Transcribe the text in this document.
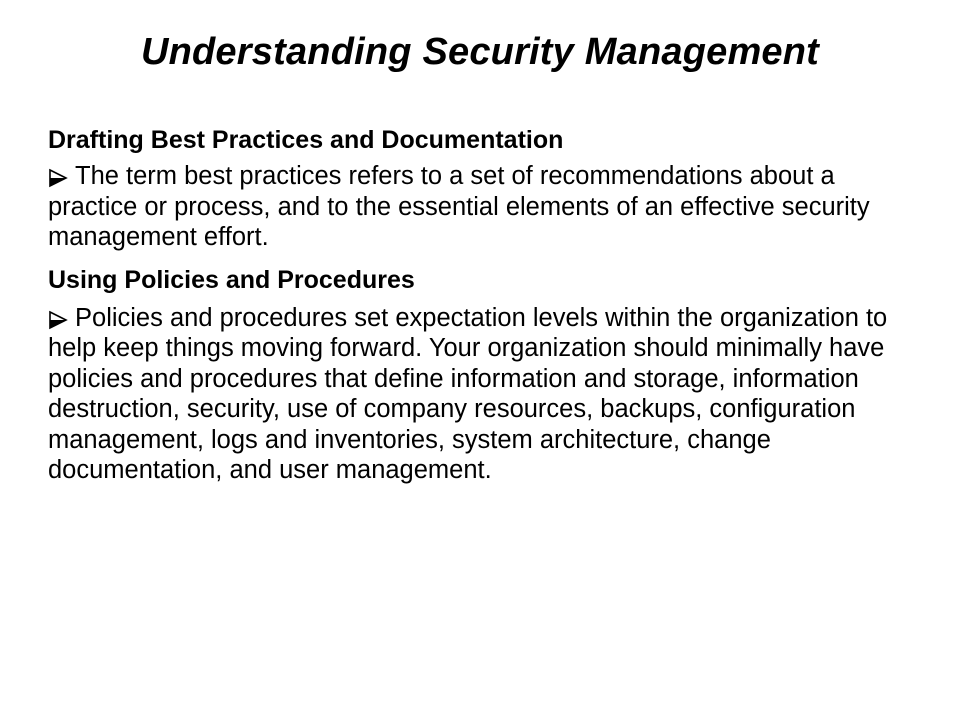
Understanding Security Management

Drafting Best Practices and Documentation

The term best practices refers to a set of recommendations about a practice or process, and to the essential elements of an effective security management effort.

Using Policies and Procedures

Policies and procedures set expectation levels within the organization to help keep things moving forward. Your organization should minimally have policies and procedures that define information and storage, information destruction, security, use of company resources, backups, configuration management, logs and inventories, system architecture, change documentation, and user management.
